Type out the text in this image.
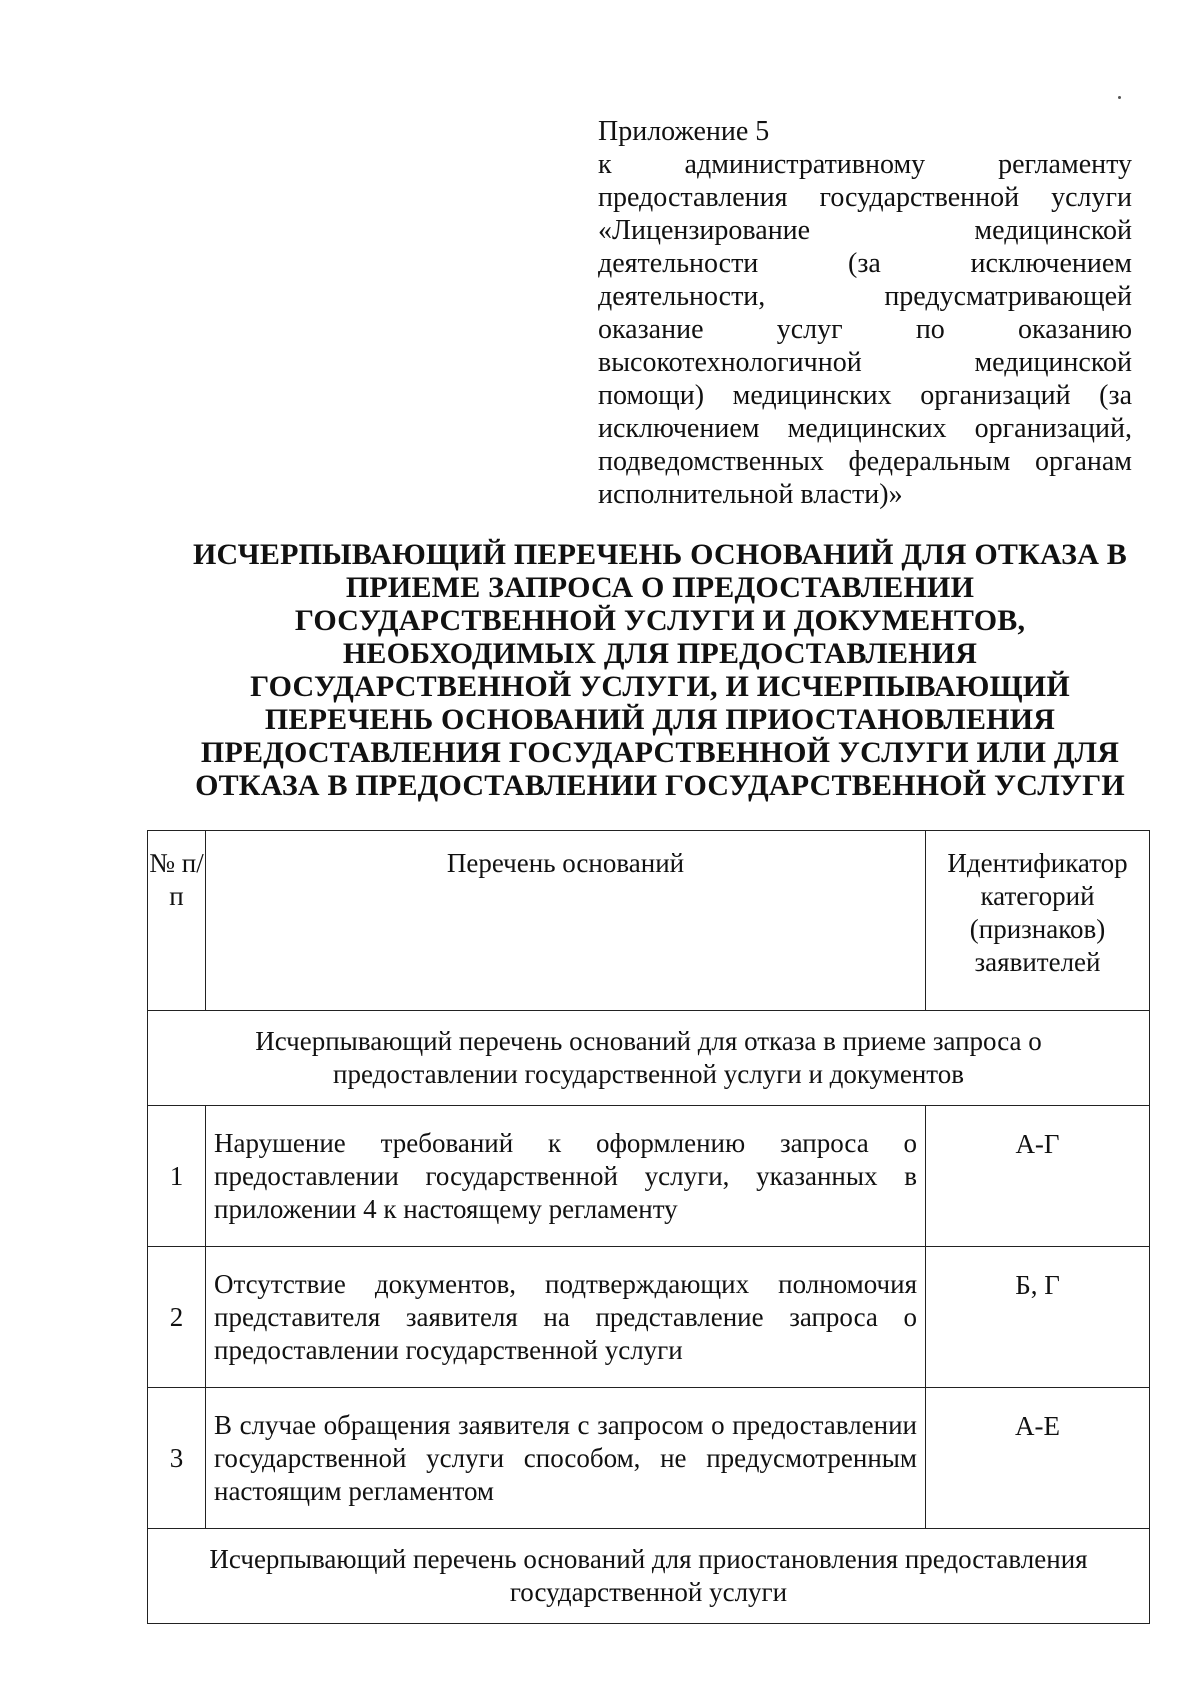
Приложение 5
к административному регламенту предоставления государственной услуги «Лицензирование медицинской деятельности (за исключением деятельности, предусматривающей оказание услуг по оказанию высокотехнологичной медицинской помощи) медицинских организаций (за исключением медицинских организаций, подведомственных федеральным органам исполнительной власти)»
ИСЧЕРПЫВАЮЩИЙ ПЕРЕЧЕНЬ ОСНОВАНИЙ ДЛЯ ОТКАЗА В ПРИЕМЕ ЗАПРОСА О ПРЕДОСТАВЛЕНИИ ГОСУДАРСТВЕННОЙ УСЛУГИ И ДОКУМЕНТОВ, НЕОБХОДИМЫХ ДЛЯ ПРЕДОСТАВЛЕНИЯ ГОСУДАРСТВЕННОЙ УСЛУГИ, И ИСЧЕРПЫВАЮЩИЙ ПЕРЕЧЕНЬ ОСНОВАНИЙ ДЛЯ ПРИОСТАНОВЛЕНИЯ ПРЕДОСТАВЛЕНИЯ ГОСУДАРСТВЕННОЙ УСЛУГИ ИЛИ ДЛЯ ОТКАЗА В ПРЕДОСТАВЛЕНИИ ГОСУДАРСТВЕННОЙ УСЛУГИ
№ п/п	Перечень оснований	Идентификатор категорий (признаков) заявителей
Исчерпывающий перечень оснований для отказа в приеме запроса о предоставлении государственной услуги и документов		
1	Нарушение требований к оформлению запроса о предоставлении государственной услуги, указанных в приложении 4 к настоящему регламенту	А-Г
2	Отсутствие документов, подтверждающих полномочия представителя заявителя на представление запроса о предоставлении государственной услуги	Б, Г
3	В случае обращения заявителя с запросом о предоставлении государственной услуги способом, не предусмотренным настоящим регламентом	А-Е
Исчерпывающий перечень оснований для приостановления предоставления государственной услуги		
